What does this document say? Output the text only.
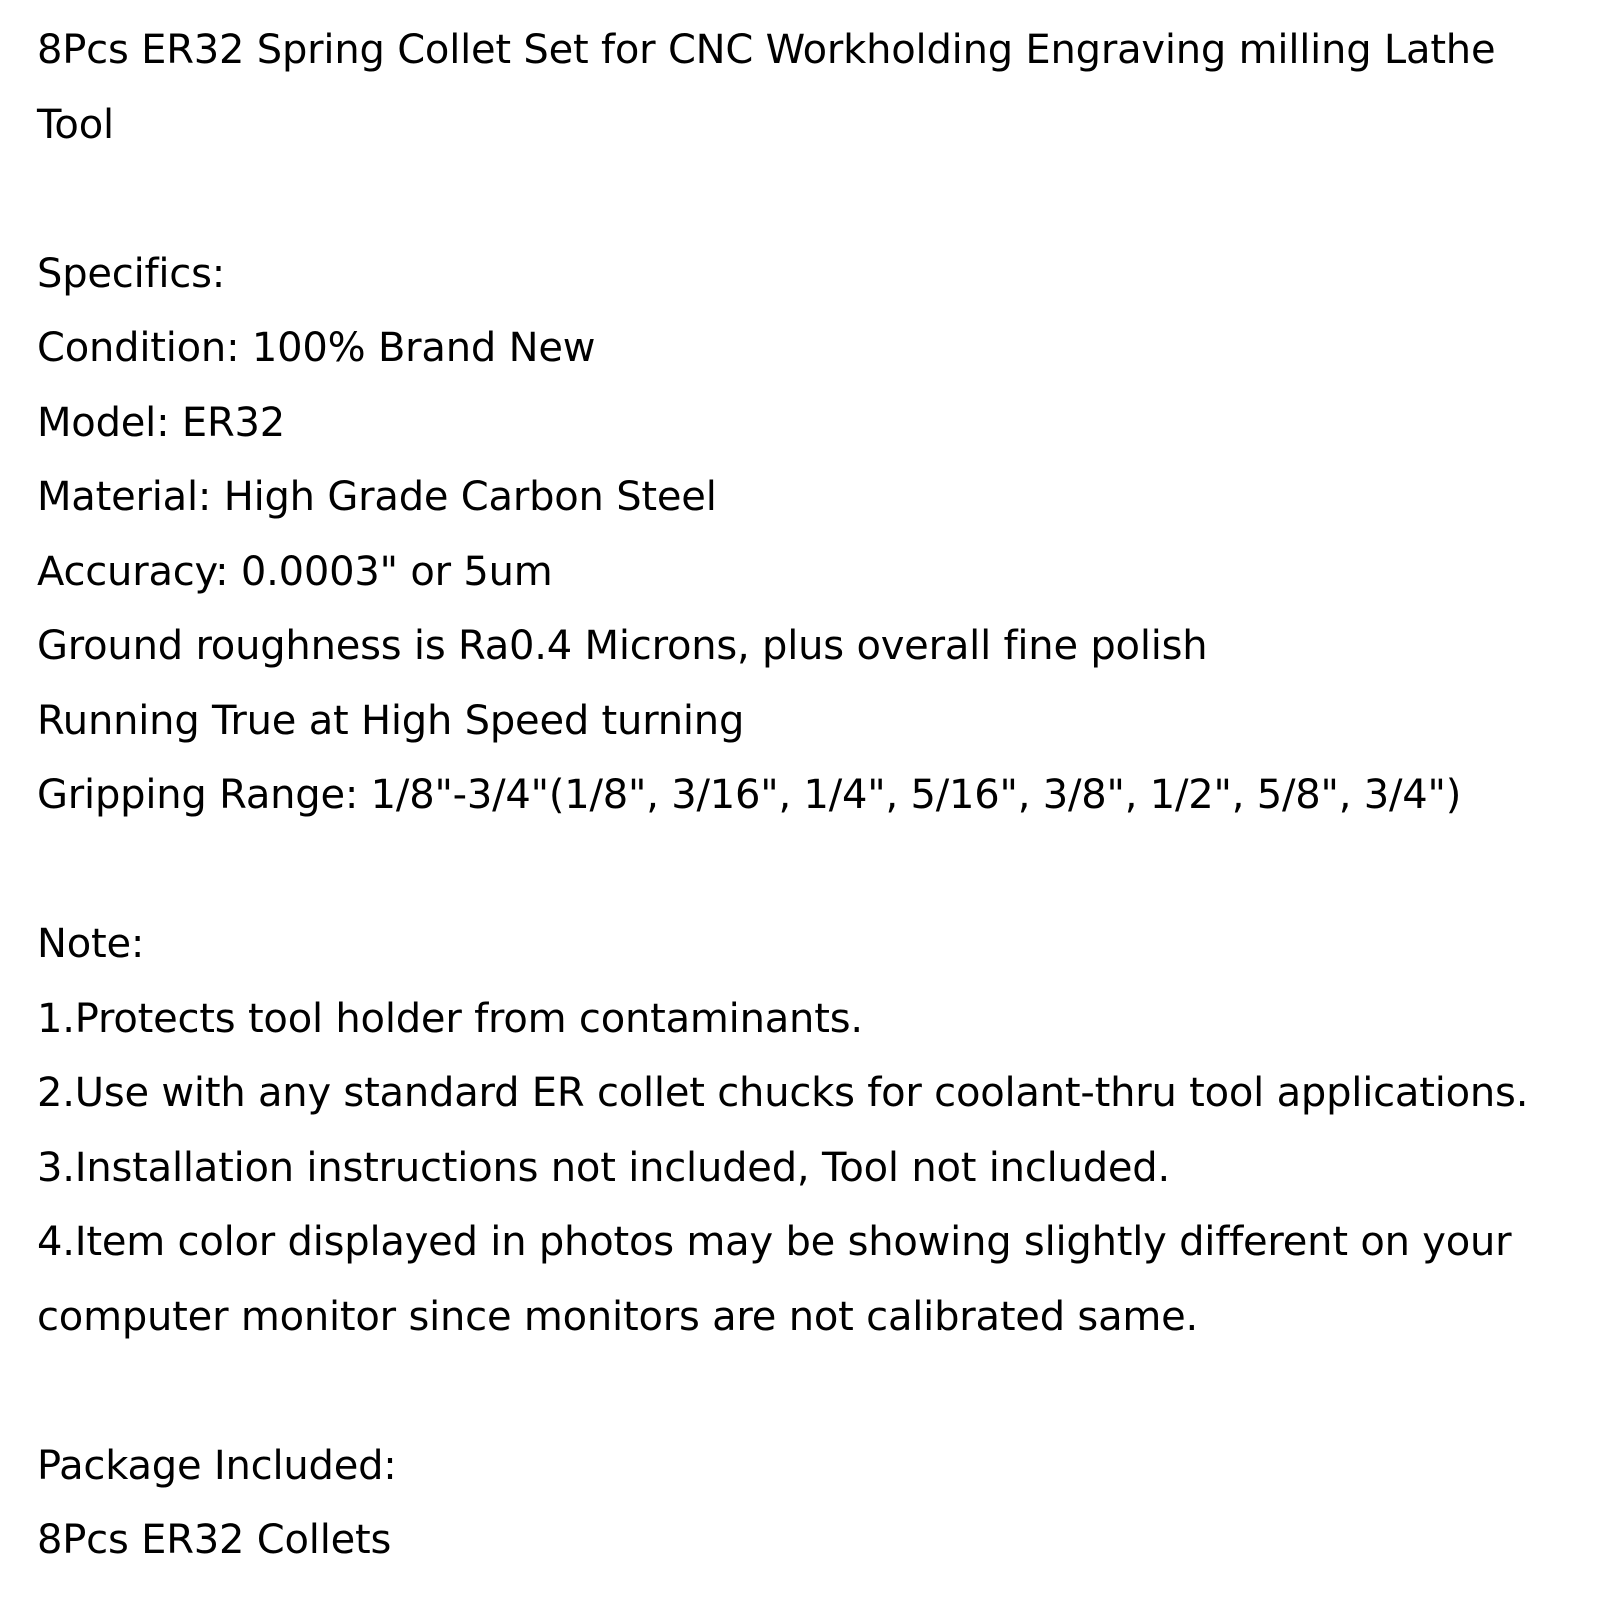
8Pcs ER32 Spring Collet Set for CNC Workholding Engraving milling Lathe
Tool
Specifics:
Condition: 100% Brand New
Model: ER32
Material: High Grade Carbon Steel
Accuracy: 0.0003" or 5um
Ground roughness is Ra0.4 Microns, plus overall fine polish
Running True at High Speed turning
Gripping Range: 1/8"-3/4"(1/8", 3/16", 1/4", 5/16", 3/8", 1/2", 5/8", 3/4")
Note:
1.Protects tool holder from contaminants.
2.Use with any standard ER collet chucks for coolant-thru tool applications.
3.Installation instructions not included, Tool not included.
4.Item color displayed in photos may be showing slightly different on your
computer monitor since monitors are not calibrated same.
Package Included:
8Pcs ER32 Collets
